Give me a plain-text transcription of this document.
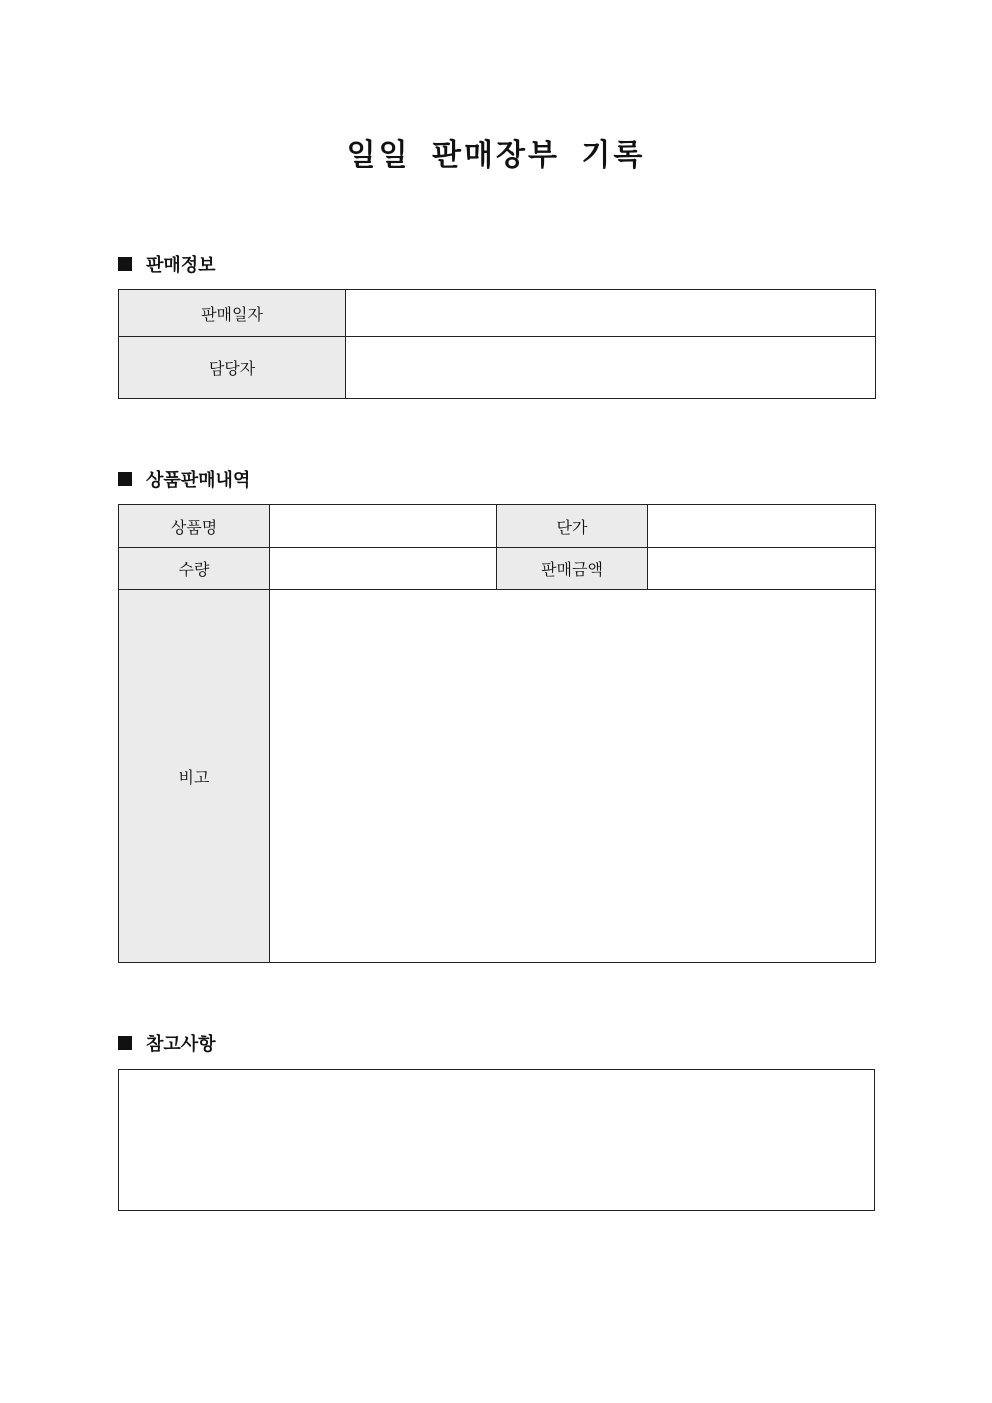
일일 판매장부 기록
판매정보
판매일자	
담당자	
상품판매내역
상품명		단가	
수량		판매금액	
비고			
참고사항
